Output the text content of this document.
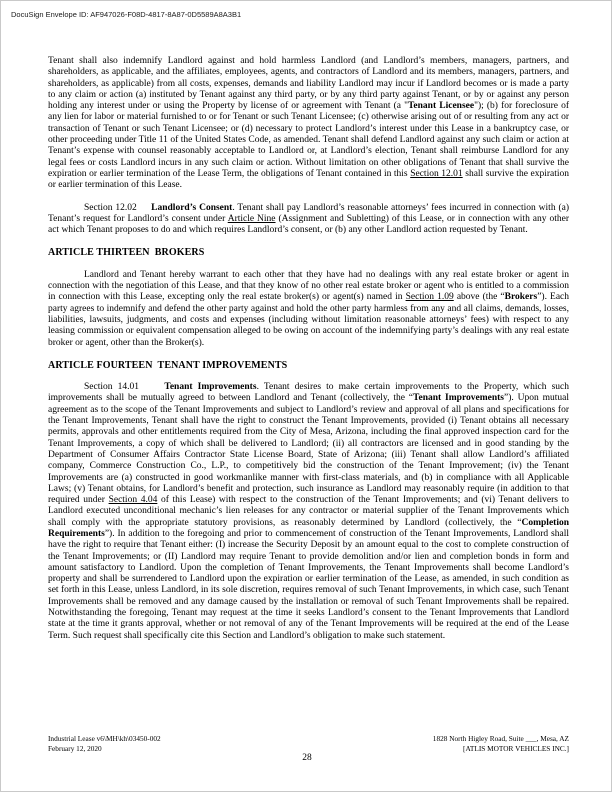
DocuSign Envelope ID: AF947026-F08D-4817-8A87-0D5589A8A3B1

Tenant shall also indemnify Landlord against and hold harmless Landlord (and Landlord’s members, managers, partners, and shareholders, as applicable, and the affiliates, employees, agents, and contractors of Landlord and its members, managers, partners, and shareholders, as applicable) from all costs, expenses, demands and liability Landlord may incur if Landlord becomes or is made a party to any claim or action (a) instituted by Tenant against any third party, or by any third party against Tenant, or by or against any person holding any interest under or using the Property by license of or agreement with Tenant (a "Tenant Licensee"); (b) for foreclosure of any lien for labor or material furnished to or for Tenant or such Tenant Licensee; (c) otherwise arising out of or resulting from any act or transaction of Tenant or such Tenant Licensee; or (d) necessary to protect Landlord’s interest under this Lease in a bankruptcy case, or other proceeding under Title 11 of the United States Code, as amended. Tenant shall defend Landlord against any such claim or action at Tenant’s expense with counsel reasonably acceptable to Landlord or, at Landlord’s election, Tenant shall reimburse Landlord for any legal fees or costs Landlord incurs in any such claim or action. Without limitation on other obligations of Tenant that shall survive the expiration or earlier termination of the Lease Term, the obligations of Tenant contained in this Section 12.01 shall survive the expiration or earlier termination of this Lease.

Section 12.02     Landlord’s Consent. Tenant shall pay Landlord’s reasonable attorneys’ fees incurred in connection with (a) Tenant’s request for Landlord’s consent under Article Nine (Assignment and Subletting) of this Lease, or in connection with any other act which Tenant proposes to do and which requires Landlord’s consent, or (b) any other Landlord action requested by Tenant.

ARTICLE THIRTEEN  BROKERS

Landlord and Tenant hereby warrant to each other that they have had no dealings with any real estate broker or agent in connection with the negotiation of this Lease, and that they know of no other real estate broker or agent who is entitled to a commission in connection with this Lease, excepting only the real estate broker(s) or agent(s) named in Section 1.09 above (the “Brokers”). Each party agrees to indemnify and defend the other party against and hold the other party harmless from any and all claims, demands, losses, liabilities, lawsuits, judgments, and costs and expenses (including without limitation reasonable attorneys’ fees) with respect to any leasing commission or equivalent compensation alleged to be owing on account of the indemnifying party’s dealings with any real estate broker or agent, other than the Broker(s).

ARTICLE FOURTEEN  TENANT IMPROVEMENTS

Section 14.01     Tenant Improvements. Tenant desires to make certain improvements to the Property, which such improvements shall be mutually agreed to between Landlord and Tenant (collectively, the “Tenant Improvements”). Upon mutual agreement as to the scope of the Tenant Improvements and subject to Landlord’s review and approval of all plans and specifications for the Tenant Improvements, Tenant shall have the right to construct the Tenant Improvements, provided (i) Tenant obtains all necessary permits, approvals and other entitlements required from the City of Mesa, Arizona, including the final approved inspection card for the Tenant Improvements, a copy of which shall be delivered to Landlord; (ii) all contractors are licensed and in good standing by the Department of Consumer Affairs Contractor State License Board, State of Arizona; (iii) Tenant shall allow Landlord’s affiliated company, Commerce Construction Co., L.P., to competitively bid the construction of the Tenant Improvement; (iv) the Tenant Improvements are (a) constructed in good workmanlike manner with first-class materials, and (b) in compliance with all Applicable Laws; (v) Tenant obtains, for Landlord’s benefit and protection, such insurance as Landlord may reasonably require (in addition to that required under Section 4.04 of this Lease) with respect to the construction of the Tenant Improvements; and (vi) Tenant delivers to Landlord executed unconditional mechanic’s lien releases for any contractor or material supplier of the Tenant Improvements which shall comply with the appropriate statutory provisions, as reasonably determined by Landlord (collectively, the “Completion Requirements”). In addition to the foregoing and prior to commencement of construction of the Tenant Improvements, Landlord shall have the right to require that Tenant either: (I) increase the Security Deposit by an amount equal to the cost to complete construction of the Tenant Improvements; or (II) Landlord may require Tenant to provide demolition and/or lien and completion bonds in form and amount satisfactory to Landlord. Upon the completion of Tenant Improvements, the Tenant Improvements shall become Landlord’s property and shall be surrendered to Landlord upon the expiration or earlier termination of the Lease, as amended, in such condition as set forth in this Lease, unless Landlord, in its sole discretion, requires removal of such Tenant Improvements, in which case, such Tenant Improvements shall be removed and any damage caused by the installation or removal of such Tenant Improvements shall be repaired. Notwithstanding the foregoing, Tenant may request at the time it seeks Landlord’s consent to the Tenant Improvements that Landlord state at the time it grants approval, whether or not removal of any of the Tenant Improvements will be required at the end of the Lease Term. Such request shall specifically cite this Section and Landlord’s obligation to make such statement.

Industrial Lease v6\MH\kh\03450-002
February 12, 2020
1828 North Higley Road, Suite ___, Mesa, AZ
[ATLIS MOTOR VEHICLES INC.]
28
